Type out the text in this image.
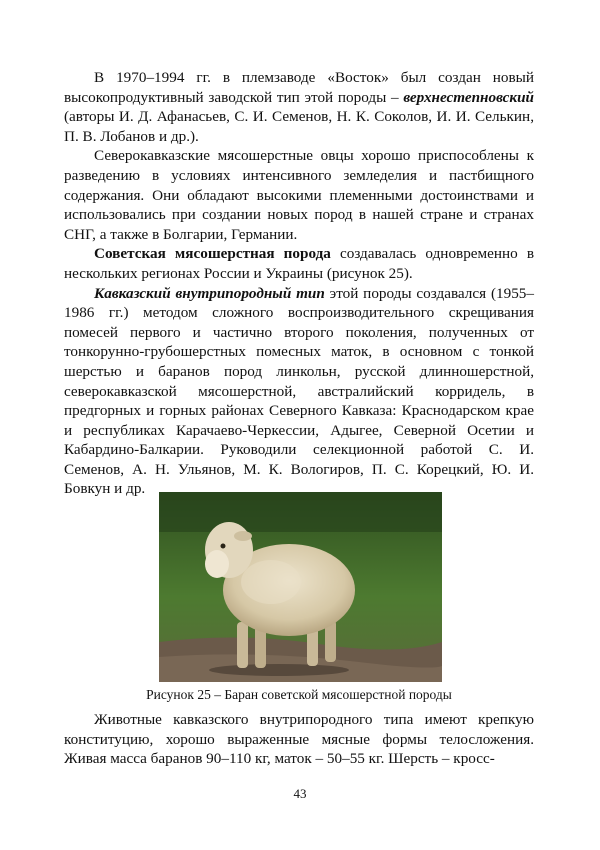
В 1970–1994 гг. в племзаводе «Восток» был создан новый высокопродуктивный заводской тип этой породы – верхнестепновский (авторы И. Д. Афанасьев, С. И. Семенов, Н. К. Соколов, И. И. Селькин, П. В. Лобанов и др.).

Северокавказские мясошерстные овцы хорошо приспособлены к разведению в условиях интенсивного земледелия и пастбищного содержания. Они обладают высокими племенными достоинствами и использовались при создании новых пород в нашей стране и странах СНГ, а также в Болгарии, Германии.

Советская мясошерстная порода создавалась одновременно в нескольких регионах России и Украины (рисунок 25).

Кавказский внутрипородный тип этой породы создавался (1955–1986 гг.) методом сложного воспроизводительного скрещивания помесей первого и частично второго поколения, полученных от тонкорунно-грубошерстных помесных маток, в основном с тонкой шерстью и баранов пород линкольн, русской длинношерстной, северокавказской мясошерстной, австралийский корридель, в предгорных и горных районах Северного Кавказа: Краснодарском крае и республиках Карачаево-Черкессии, Адыгее, Северной Осетии и Кабардино-Балкарии. Руководили селекционной работой С. И. Семенов, А. Н. Ульянов, М. К. Вологиров, П. С. Корецкий, Ю. И. Бовкун и др.

Рисунок 25 – Баран советской мясошерстной породы

Животные кавказского внутрипородного типа имеют крепкую конституцию, хорошо выраженные мясные формы телосложения. Живая масса баранов 90–110 кг, маток – 50–55 кг. Шерсть – кросс-

43
